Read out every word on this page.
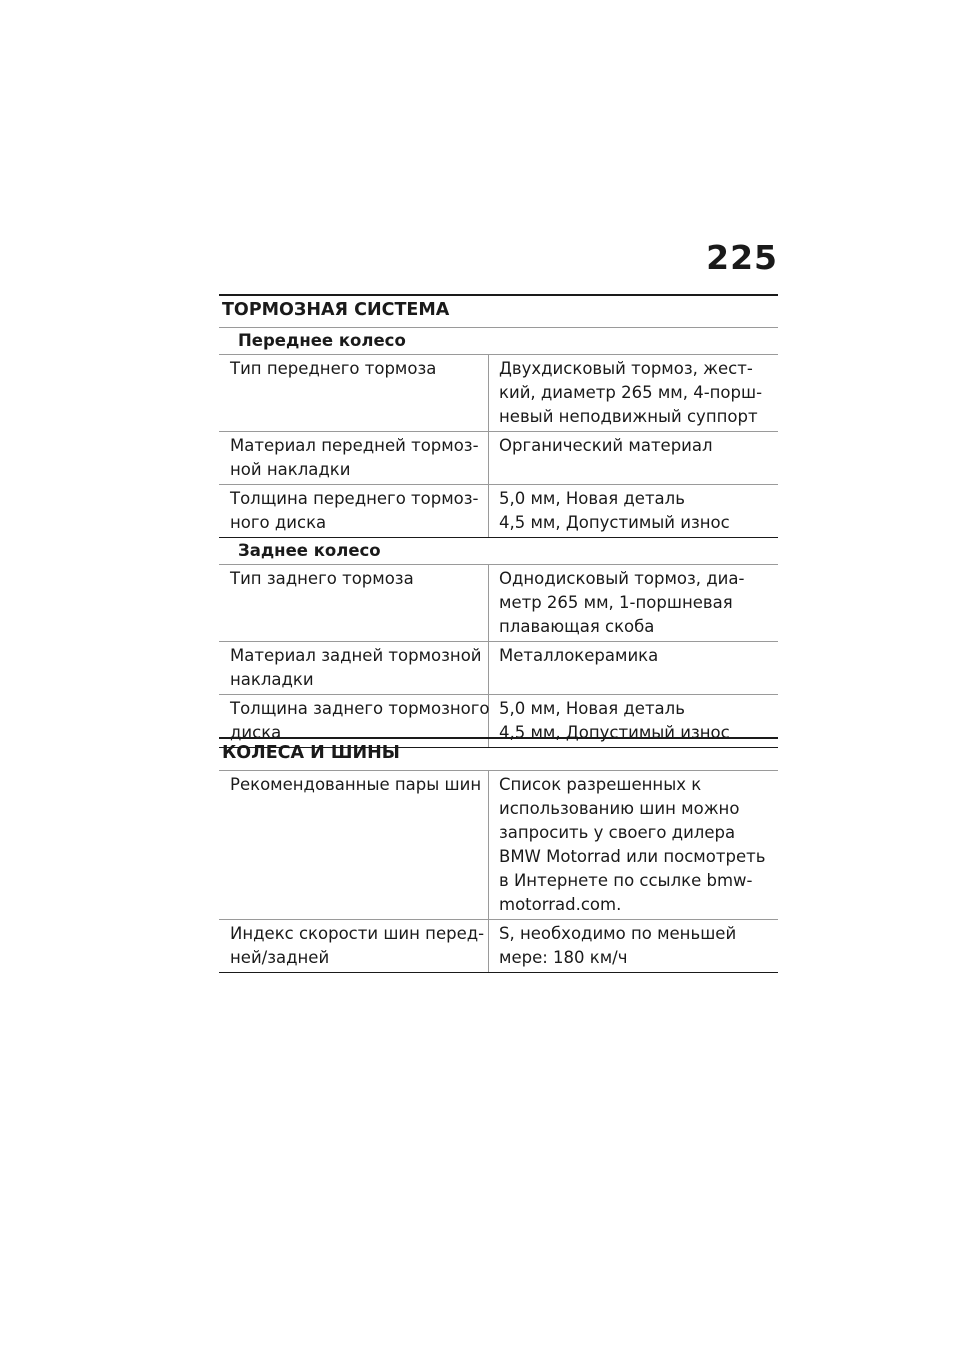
225
ТОРМОЗНАЯ СИСТЕМА
Переднее колесо
Тип переднего тормоза	Двухдисковый тормоз, жест-
кий, диаметр 265 мм, 4-порш-
невый неподвижный суппорт
Материал передней тормоз-
ной накладки
Органический материал
Толщина переднего тормоз-
ного диска
5,0 мм, Новая деталь
4,5 мм, Допустимый износ
Заднее колесо
Тип заднего тормоза	Однодисковый тормоз, диа-
метр 265 мм, 1-поршневая
плавающая скоба
Материал задней тормозной
накладки
Металлокерамика
Толщина заднего тормозного
диска
5,0 мм, Новая деталь
4,5 мм, Допустимый износ
КОЛЕСА И ШИНЫ
Рекомендованные пары шин Список разрешенных к
использованию шин можно
запросить у своего дилера
BMW Motorrad или посмотреть
в Интернете по ссылке bmw-
motorrad.com.
Индекс скорости шин перед-
ней/задней
S, необходимо по меньшей
мере: 180 км/ч
